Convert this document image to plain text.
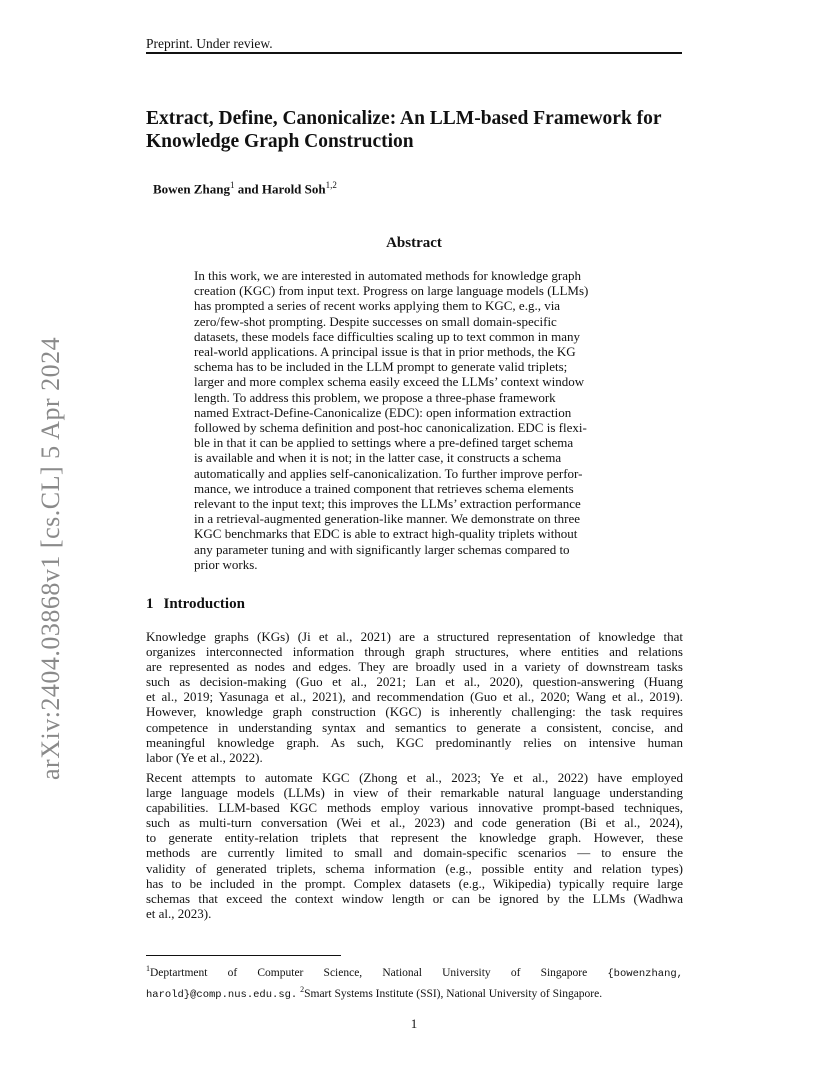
Preprint. Under review.
Extract, Define, Canonicalize: An LLM-based Framework for
Knowledge Graph Construction
Bowen Zhang$^1$ and Harold Soh$^{1,2}$
Abstract

In this work, we are interested in automated methods for knowledge graph
creation (KGC) from input text. Progress on large language models (LLMs)
has prompted a series of recent works applying them to KGC, e.g., via
zero/few-shot prompting. Despite successes on small domain-specific
datasets, these models face difficulties scaling up to text common in many
real-world applications. A principal issue is that in prior methods, the KG
schema has to be included in the LLM prompt to generate valid triplets;
larger and more complex schema easily exceed the LLMs’ context window
length. To address this problem, we propose a three-phase framework
named Extract-Define-Canonicalize (EDC): open information extraction
followed by schema definition and post-hoc canonicalization. EDC is flexi-
ble in that it can be applied to settings where a pre-defined target schema
is available and when it is not; in the latter case, it constructs a schema
automatically and applies self-canonicalization. To further improve perfor-
mance, we introduce a trained component that retrieves schema elements
relevant to the input text; this improves the LLMs’ extraction performance
in a retrieval-augmented generation-like manner. We demonstrate on three
KGC benchmarks that EDC is able to extract high-quality triplets without
any parameter tuning and with significantly larger schemas compared to
prior works.

1 Introduction

Knowledge graphs (KGs) (Ji et al., 2021) are a structured representation of knowledge that
organizes interconnected information through graph structures, where entities and relations
are represented as nodes and edges. They are broadly used in a variety of downstream tasks
such as decision-making (Guo et al., 2021; Lan et al., 2020), question-answering (Huang
et al., 2019; Yasunaga et al., 2021), and recommendation (Guo et al., 2020; Wang et al., 2019).
However, knowledge graph construction (KGC) is inherently challenging: the task requires
competence in understanding syntax and semantics to generate a consistent, concise, and
meaningful knowledge graph. As such, KGC predominantly relies on intensive human
labor (Ye et al., 2022).

Recent attempts to automate KGC (Zhong et al., 2023; Ye et al., 2022) have employed
large language models (LLMs) in view of their remarkable natural language understanding
capabilities. LLM-based KGC methods employ various innovative prompt-based techniques,
such as multi-turn conversation (Wei et al., 2023) and code generation (Bi et al., 2024),
to generate entity-relation triplets that represent the knowledge graph. However, these
methods are currently limited to small and domain-specific scenarios — to ensure the
validity of generated triplets, schema information (e.g., possible entity and relation types)
has to be included in the prompt. Complex datasets (e.g., Wikipedia) typically require large
schemas that exceed the context window length or can be ignored by the LLMs (Wadhwa
et al., 2023).

$^1$Deptartment of Computer Science, National University of Singapore {bowenzhang,
harold}@comp.nus.edu.sg. $^2$Smart Systems Institute (SSI), National University of Singapore.
1
arXiv:2404.03868v1 [cs.CL] 5 Apr 2024
